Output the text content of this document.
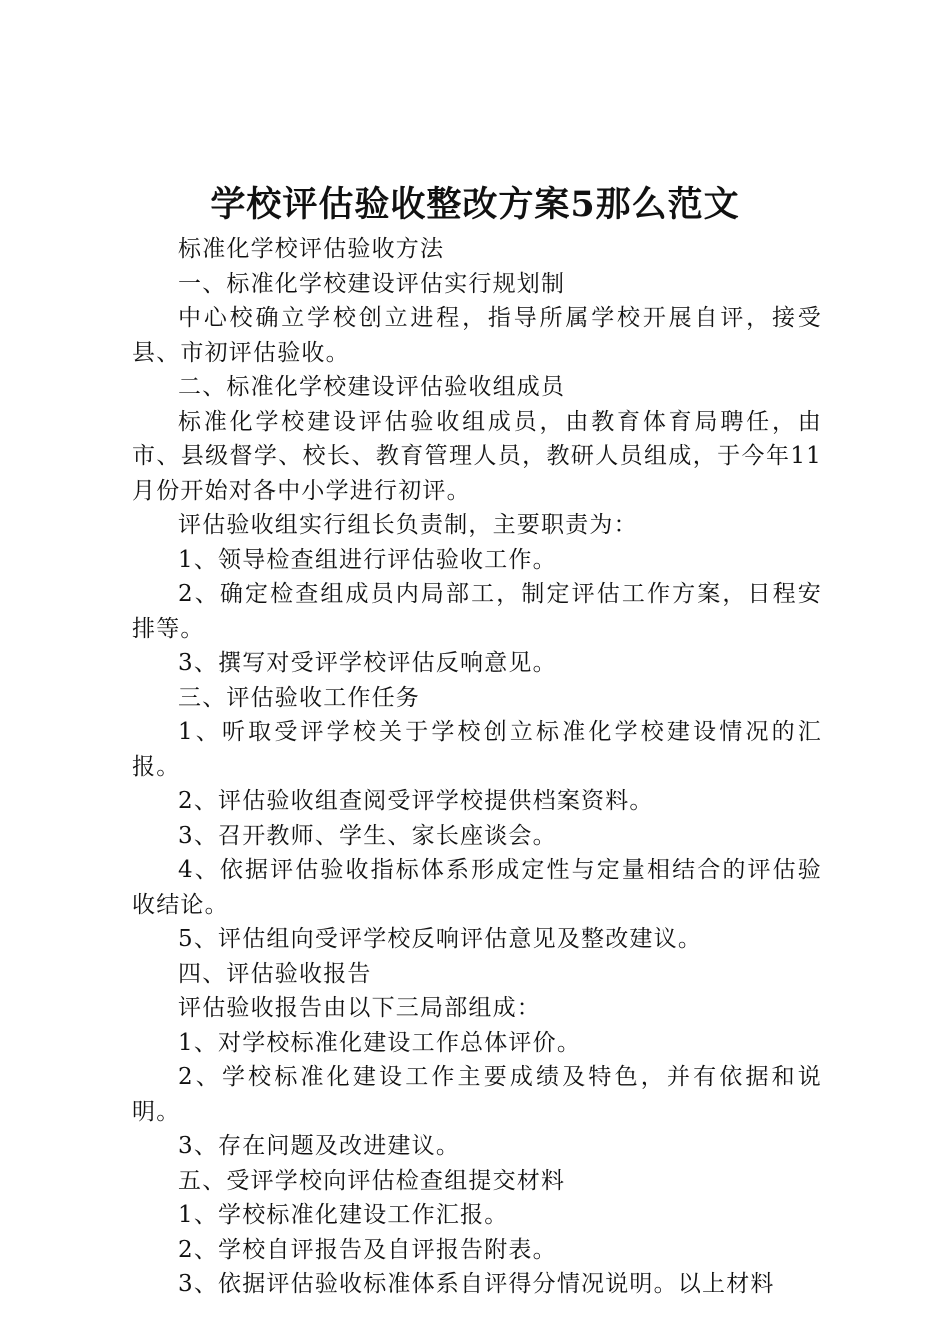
学校评估验收整改方案5那么范文

标准化学校评估验收方法

一、标准化学校建设评估实行规划制

中心校确立学校创立进程，指导所属学校开展自评，接受县、市初评估验收。

二、标准化学校建设评估验收组成员

标准化学校建设评估验收组成员，由教育体育局聘任，由市、县级督学、校长、教育管理人员，教研人员组成，于今年11月份开始对各中小学进行初评。

评估验收组实行组长负责制，主要职责为：

1、领导检查组进行评估验收工作。

2、确定检查组成员内局部工，制定评估工作方案，日程安排等。

3、撰写对受评学校评估反响意见。

三、评估验收工作任务

1、听取受评学校关于学校创立标准化学校建设情况的汇报。

2、评估验收组查阅受评学校提供档案资料。

3、召开教师、学生、家长座谈会。

4、依据评估验收指标体系形成定性与定量相结合的评估验收结论。

5、评估组向受评学校反响评估意见及整改建议。

四、评估验收报告

评估验收报告由以下三局部组成：

1、对学校标准化建设工作总体评价。

2、学校标准化建设工作主要成绩及特色，并有依据和说明。

3、存在问题及改进建议。

五、受评学校向评估检查组提交材料

1、学校标准化建设工作汇报。

2、学校自评报告及自评报告附表。

3、依据评估验收标准体系自评得分情况说明。以上材料
